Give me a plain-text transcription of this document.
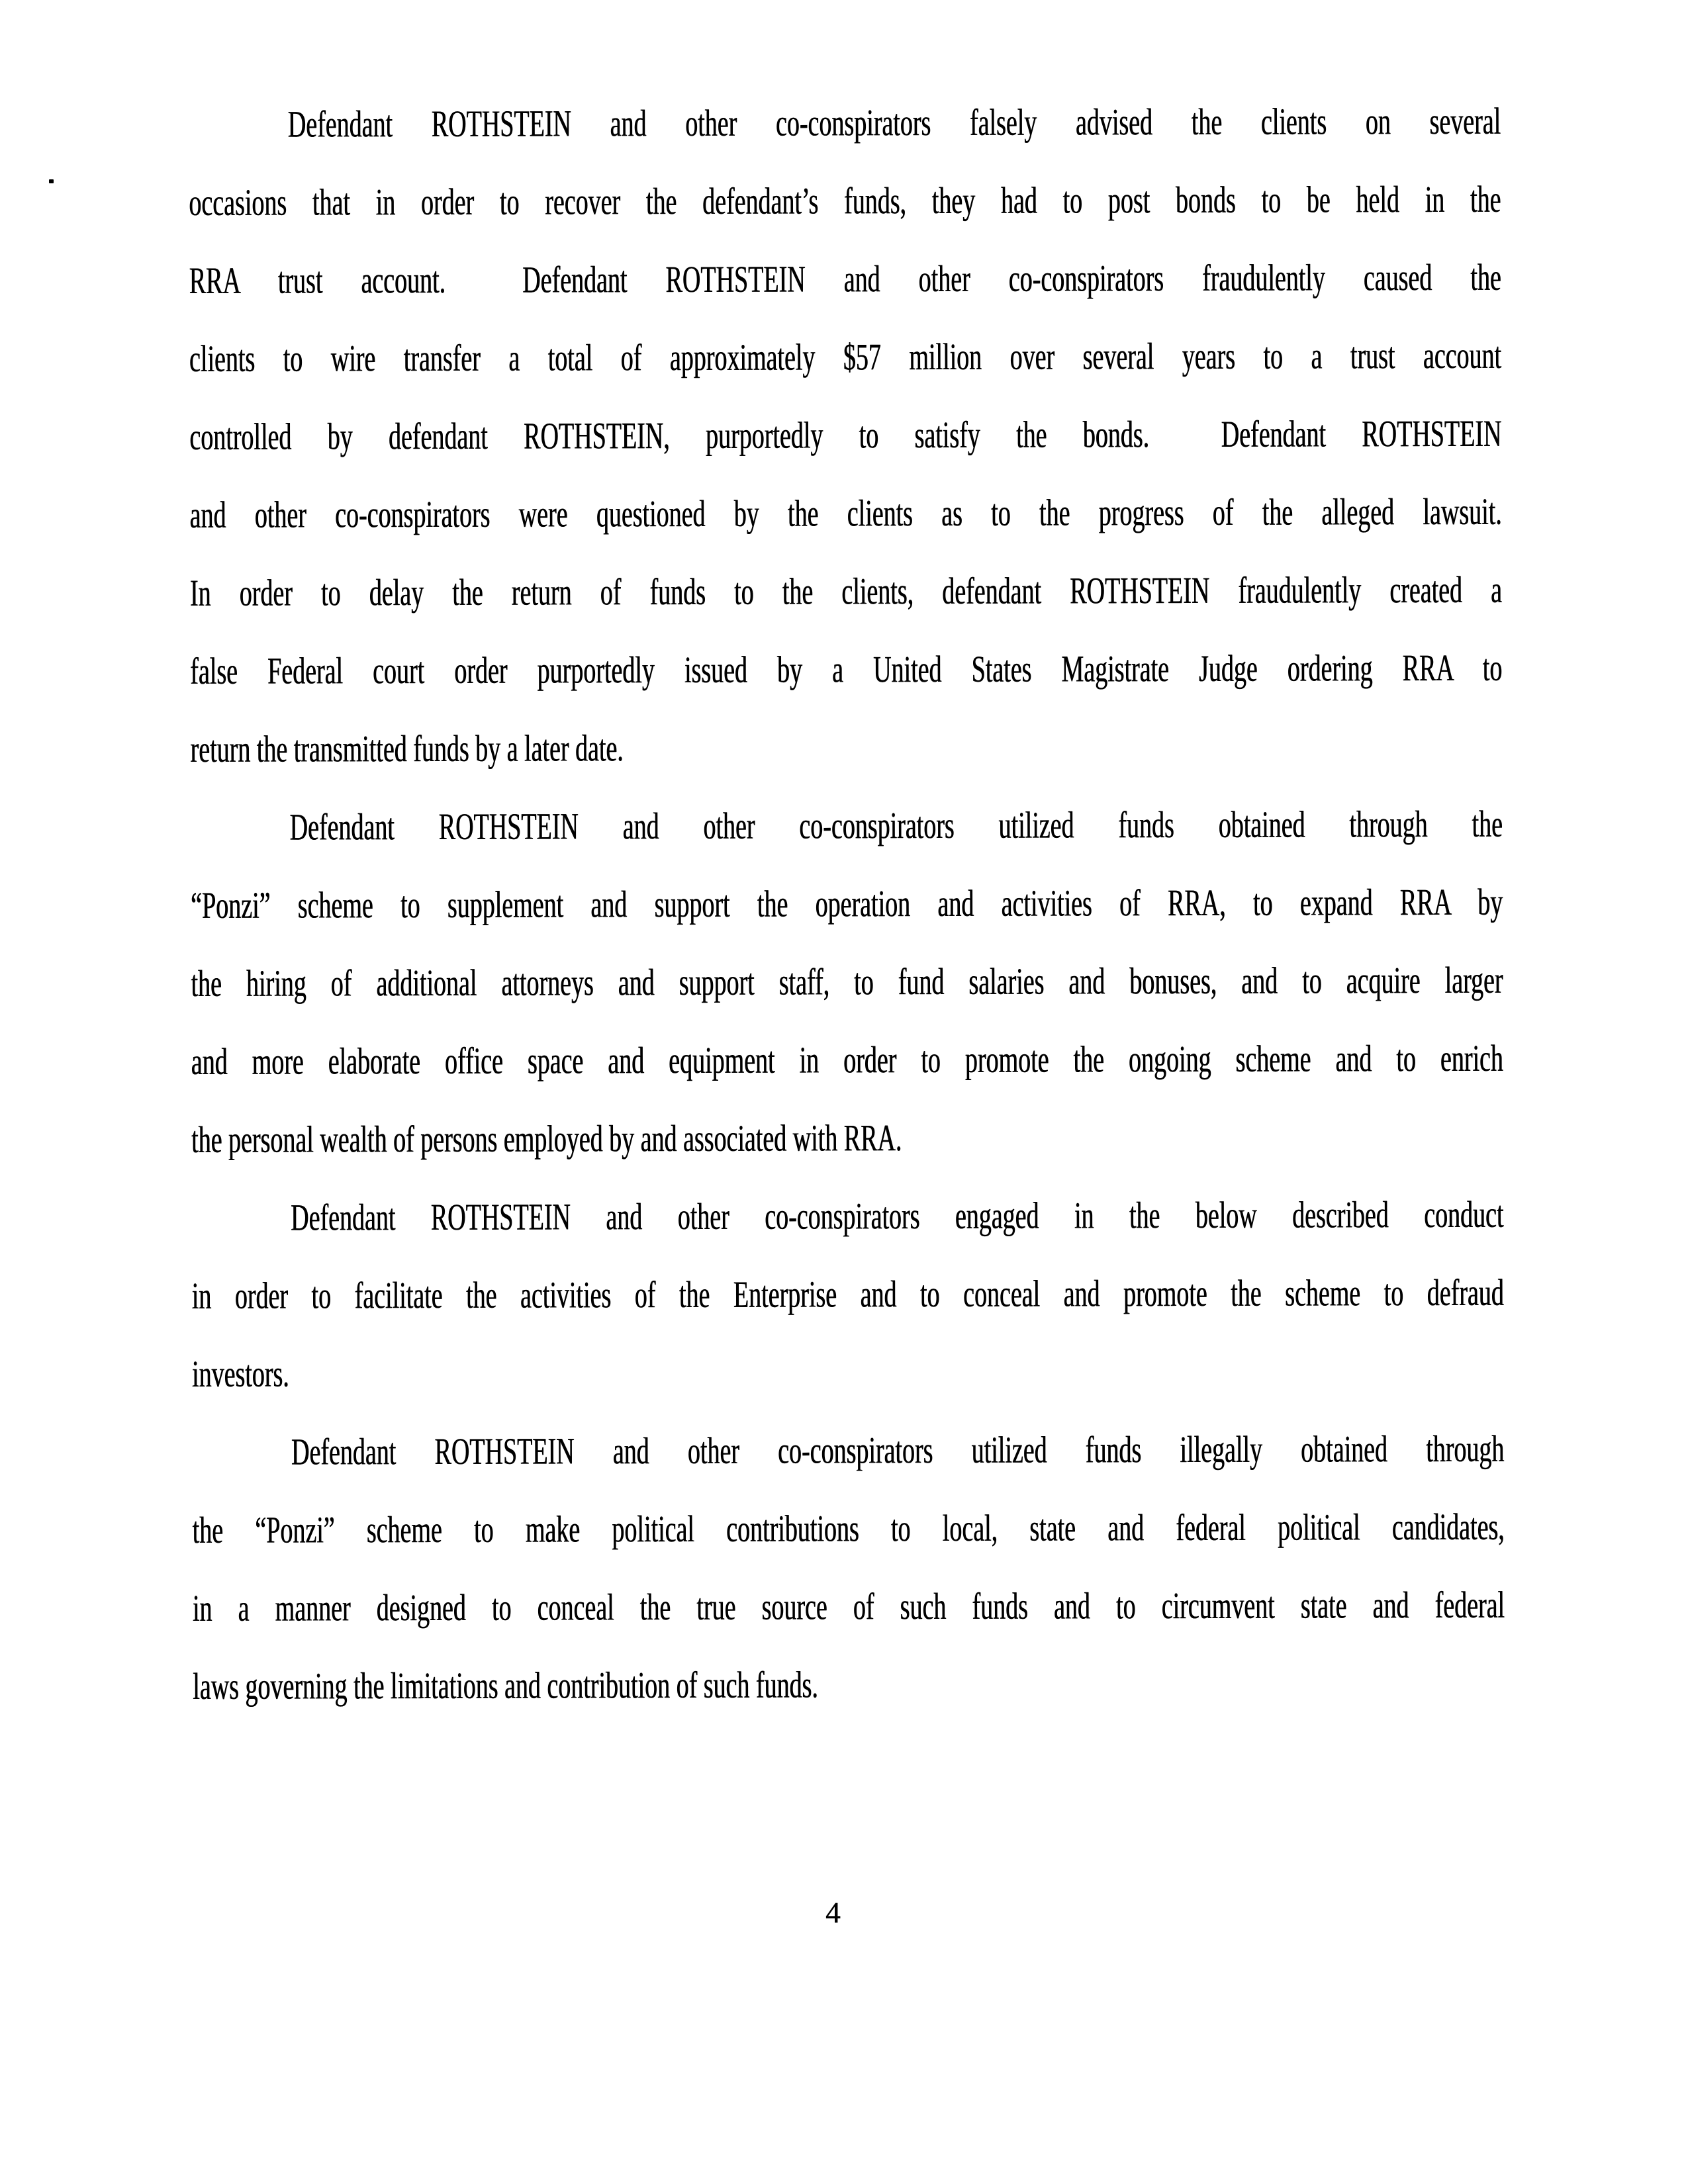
Defendant ROTHSTEIN and other co-conspirators falsely advised the clients on several
occasions that in order to recover the defendant’s funds, they had to post bonds to be held in the
RRA trust account.  Defendant ROTHSTEIN and other co-conspirators fraudulently caused the
clients to wire transfer a total of approximately $57 million over several years to a trust account
controlled by defendant ROTHSTEIN, purportedly to satisfy the bonds.  Defendant ROTHSTEIN
and other co-conspirators were questioned by the clients as to the progress of the alleged lawsuit.
In order to delay the return of funds to the clients, defendant ROTHSTEIN fraudulently created a
false Federal court order purportedly issued by a United States Magistrate Judge ordering RRA to
return the transmitted funds by a later date.
Defendant ROTHSTEIN and other co-conspirators utilized funds obtained through the
“Ponzi” scheme to supplement and support the operation and activities of RRA, to expand RRA by
the hiring of additional attorneys and support staff, to fund salaries and bonuses, and to acquire larger
and more elaborate office space and equipment in order to promote the ongoing scheme and to enrich
the personal wealth of persons employed by and associated with RRA.
Defendant ROTHSTEIN and other co-conspirators engaged in the below described conduct
in order to facilitate the activities of the Enterprise and to conceal and promote the scheme to defraud
investors.
Defendant ROTHSTEIN and other co-conspirators utilized funds illegally obtained through
the “Ponzi” scheme to make political contributions to local, state and federal political candidates,
in a manner designed to conceal the true source of such funds and to circumvent state and federal
laws governing the limitations and contribution of such funds.
4
